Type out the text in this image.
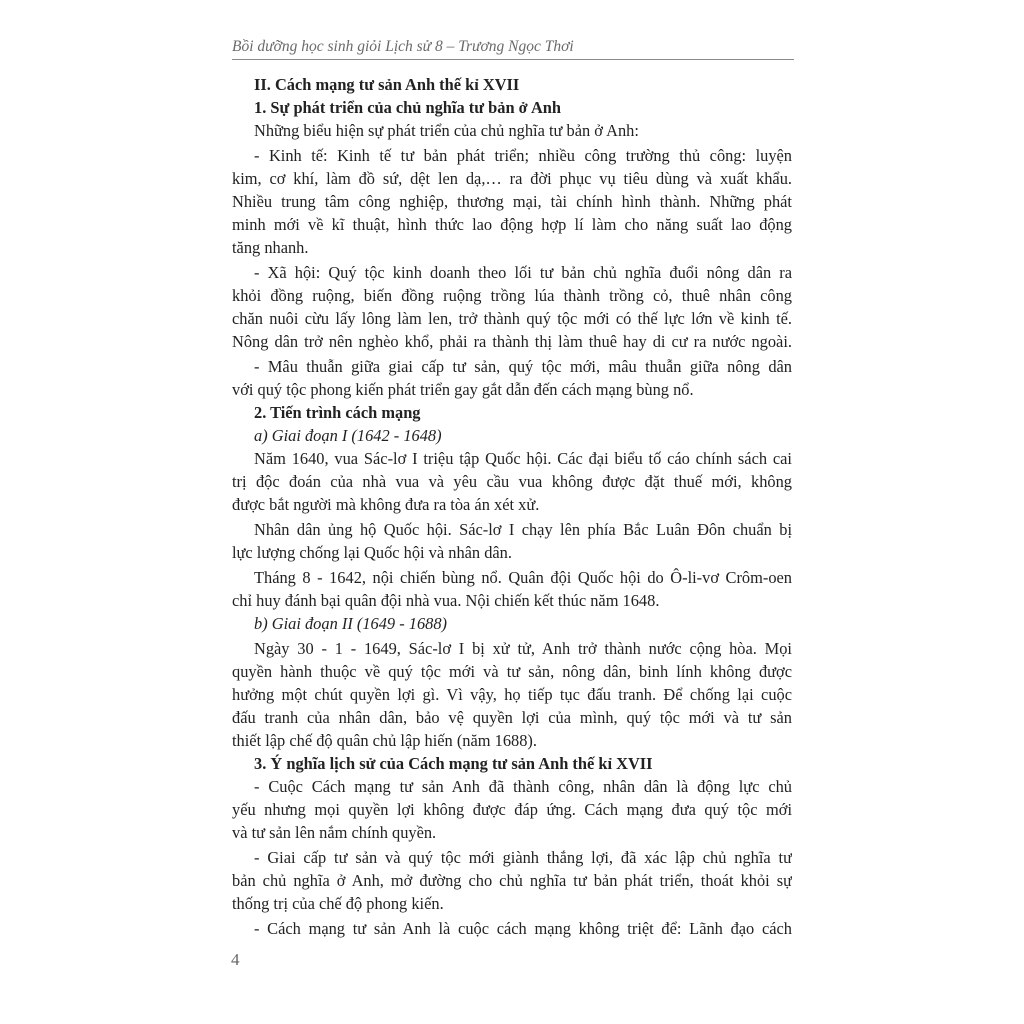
Bồi dưỡng học sinh giỏi Lịch sử 8 – Trương Ngọc Thơi
II. Cách mạng tư sản Anh thế kỉ XVII
1. Sự phát triển của chủ nghĩa tư bản ở Anh
Những biểu hiện sự phát triển của chủ nghĩa tư bản ở Anh:
- Kinh tế: Kinh tế tư bản phát triển; nhiều công trường thủ công: luyện
kim, cơ khí, làm đồ sứ, dệt len dạ,… ra đời phục vụ tiêu dùng và xuất khẩu.
Nhiều trung tâm công nghiệp, thương mại, tài chính hình thành. Những phát
minh mới về kĩ thuật, hình thức lao động hợp lí làm cho năng suất lao động
tăng nhanh.
- Xã hội: Quý tộc kinh doanh theo lối tư bản chủ nghĩa đuổi nông dân ra
khỏi đồng ruộng, biến đồng ruộng trồng lúa thành trồng cỏ, thuê nhân công
chăn nuôi cừu lấy lông làm len, trở thành quý tộc mới có thế lực lớn về kinh tế.
Nông dân trở nên nghèo khổ, phải ra thành thị làm thuê hay di cư ra nước ngoài.
- Mâu thuẫn giữa giai cấp tư sản, quý tộc mới, mâu thuẫn giữa nông dân
với quý tộc phong kiến phát triển gay gắt dẫn đến cách mạng bùng nổ.
2. Tiến trình cách mạng
a) Giai đoạn I (1642 - 1648)
Năm 1640, vua Sác-lơ I triệu tập Quốc hội. Các đại biểu tố cáo chính sách cai
trị độc đoán của nhà vua và yêu cầu vua không được đặt thuế mới, không
được bắt người mà không đưa ra tòa án xét xử.
Nhân dân ủng hộ Quốc hội. Sác-lơ I chạy lên phía Bắc Luân Đôn chuẩn bị
lực lượng chống lại Quốc hội và nhân dân.
Tháng 8 - 1642, nội chiến bùng nổ. Quân đội Quốc hội do Ô-li-vơ Crôm-oen
chỉ huy đánh bại quân đội nhà vua. Nội chiến kết thúc năm 1648.
b) Giai đoạn II (1649 - 1688)
Ngày 30 - 1 - 1649, Sác-lơ I bị xử tử, Anh trở thành nước cộng hòa. Mọi
quyền hành thuộc về quý tộc mới và tư sản, nông dân, binh lính không được
hưởng một chút quyền lợi gì. Vì vậy, họ tiếp tục đấu tranh. Để chống lại cuộc
đấu tranh của nhân dân, bảo vệ quyền lợi của mình, quý tộc mới và tư sản
thiết lập chế độ quân chủ lập hiến (năm 1688).
3. Ý nghĩa lịch sử của Cách mạng tư sản Anh thế kỉ XVII
- Cuộc Cách mạng tư sản Anh đã thành công, nhân dân là động lực chủ
yếu nhưng mọi quyền lợi không được đáp ứng. Cách mạng đưa quý tộc mới
và tư sản lên nắm chính quyền.
- Giai cấp tư sản và quý tộc mới giành thắng lợi, đã xác lập chủ nghĩa tư
bản chủ nghĩa ở Anh, mở đường cho chủ nghĩa tư bản phát triển, thoát khỏi sự
thống trị của chế độ phong kiến.
- Cách mạng tư sản Anh là cuộc cách mạng không triệt để: Lãnh đạo cách
4
